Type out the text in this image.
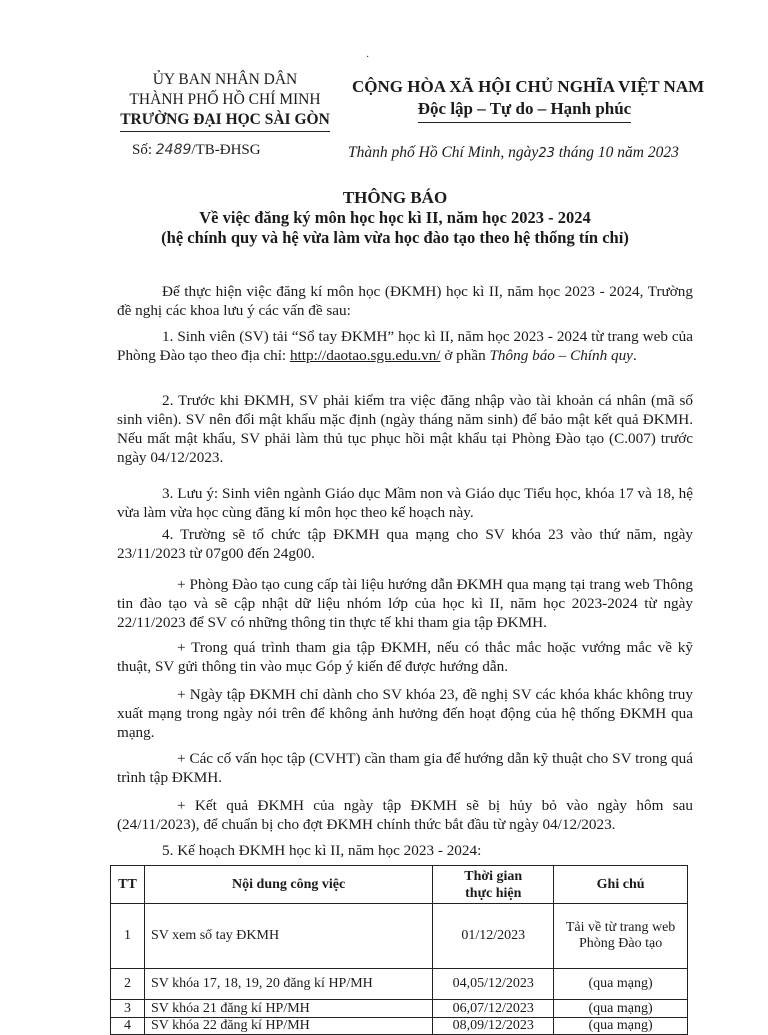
·
ỦY BAN NHÂN DÂN
THÀNH PHỐ HỒ CHÍ MINH
TRƯỜNG ĐẠI HỌC SÀI GÒN
Số: 2489/TB-ĐHSG
CỘNG HÒA XÃ HỘI CHỦ NGHĨA VIỆT NAM
Độc lập – Tự do – Hạnh phúc
Thành phố Hồ Chí Minh, ngày23 tháng 10 năm 2023
THÔNG BÁO
Về việc đăng ký môn học học kì II, năm học 2023 - 2024
(hệ chính quy và hệ vừa làm vừa học đào tạo theo hệ thống tín chỉ)

Để thực hiện việc đăng kí môn học (ĐKMH) học kì II, năm học 2023 - 2024, Trường đề nghị các khoa lưu ý các vấn đề sau:

1. Sinh viên (SV) tải “Sổ tay ĐKMH” học kì II, năm học 2023 - 2024 từ trang web của Phòng Đào tạo theo địa chỉ: http://daotao.sgu.edu.vn/ ở phần Thông báo – Chính quy.

2. Trước khi ĐKMH, SV phải kiểm tra việc đăng nhập vào tài khoản cá nhân (mã số sinh viên). SV nên đổi mật khẩu mặc định (ngày tháng năm sinh) để bảo mật kết quả ĐKMH. Nếu mất mật khẩu, SV phải làm thủ tục phục hồi mật khẩu tại Phòng Đào tạo (C.007) trước ngày 04/12/2023.

3. Lưu ý: Sinh viên ngành Giáo dục Mầm non và Giáo dục Tiểu học, khóa 17 và 18, hệ vừa làm vừa học cùng đăng kí môn học theo kế hoạch này.

4. Trường sẽ tổ chức tập ĐKMH qua mạng cho SV khóa 23 vào thứ năm, ngày 23/11/2023 từ 07g00 đến 24g00.

+ Phòng Đào tạo cung cấp tài liệu hướng dẫn ĐKMH qua mạng tại trang web Thông tin đào tạo và sẽ cập nhật dữ liệu nhóm lớp của học kì II, năm học 2023-2024 từ ngày 22/11/2023 để SV có những thông tin thực tế khi tham gia tập ĐKMH.

+ Trong quá trình tham gia tập ĐKMH, nếu có thắc mắc hoặc vướng mắc về kỹ thuật, SV gửi thông tin vào mục Góp ý kiến để được hướng dẫn.

+ Ngày tập ĐKMH chỉ dành cho SV khóa 23, đề nghị SV các khóa khác không truy xuất mạng trong ngày nói trên để không ảnh hưởng đến hoạt động của hệ thống ĐKMH qua mạng.

+ Các cố vấn học tập (CVHT) cần tham gia để hướng dẫn kỹ thuật cho SV trong quá trình tập ĐKMH.

+ Kết quả ĐKMH của ngày tập ĐKMH sẽ bị hủy bỏ vào ngày hôm sau (24/11/2023), để chuẩn bị cho đợt ĐKMH chính thức bắt đầu từ ngày 04/12/2023.

5. Kế hoạch ĐKMH học kì II, năm học 2023 - 2024:

TT	Nội dung công việc	Thời gian thực hiện	Ghi chú
1	SV xem sổ tay ĐKMH	01/12/2023	Tải về từ trang web Phòng Đào tạo
2	SV khóa 17, 18, 19, 20 đăng kí HP/MH	04,05/12/2023	(qua mạng)
3	SV khóa 21 đăng kí HP/MH	06,07/12/2023	(qua mạng)
4	SV khóa 22 đăng kí HP/MH	08,09/12/2023	(qua mạng)
